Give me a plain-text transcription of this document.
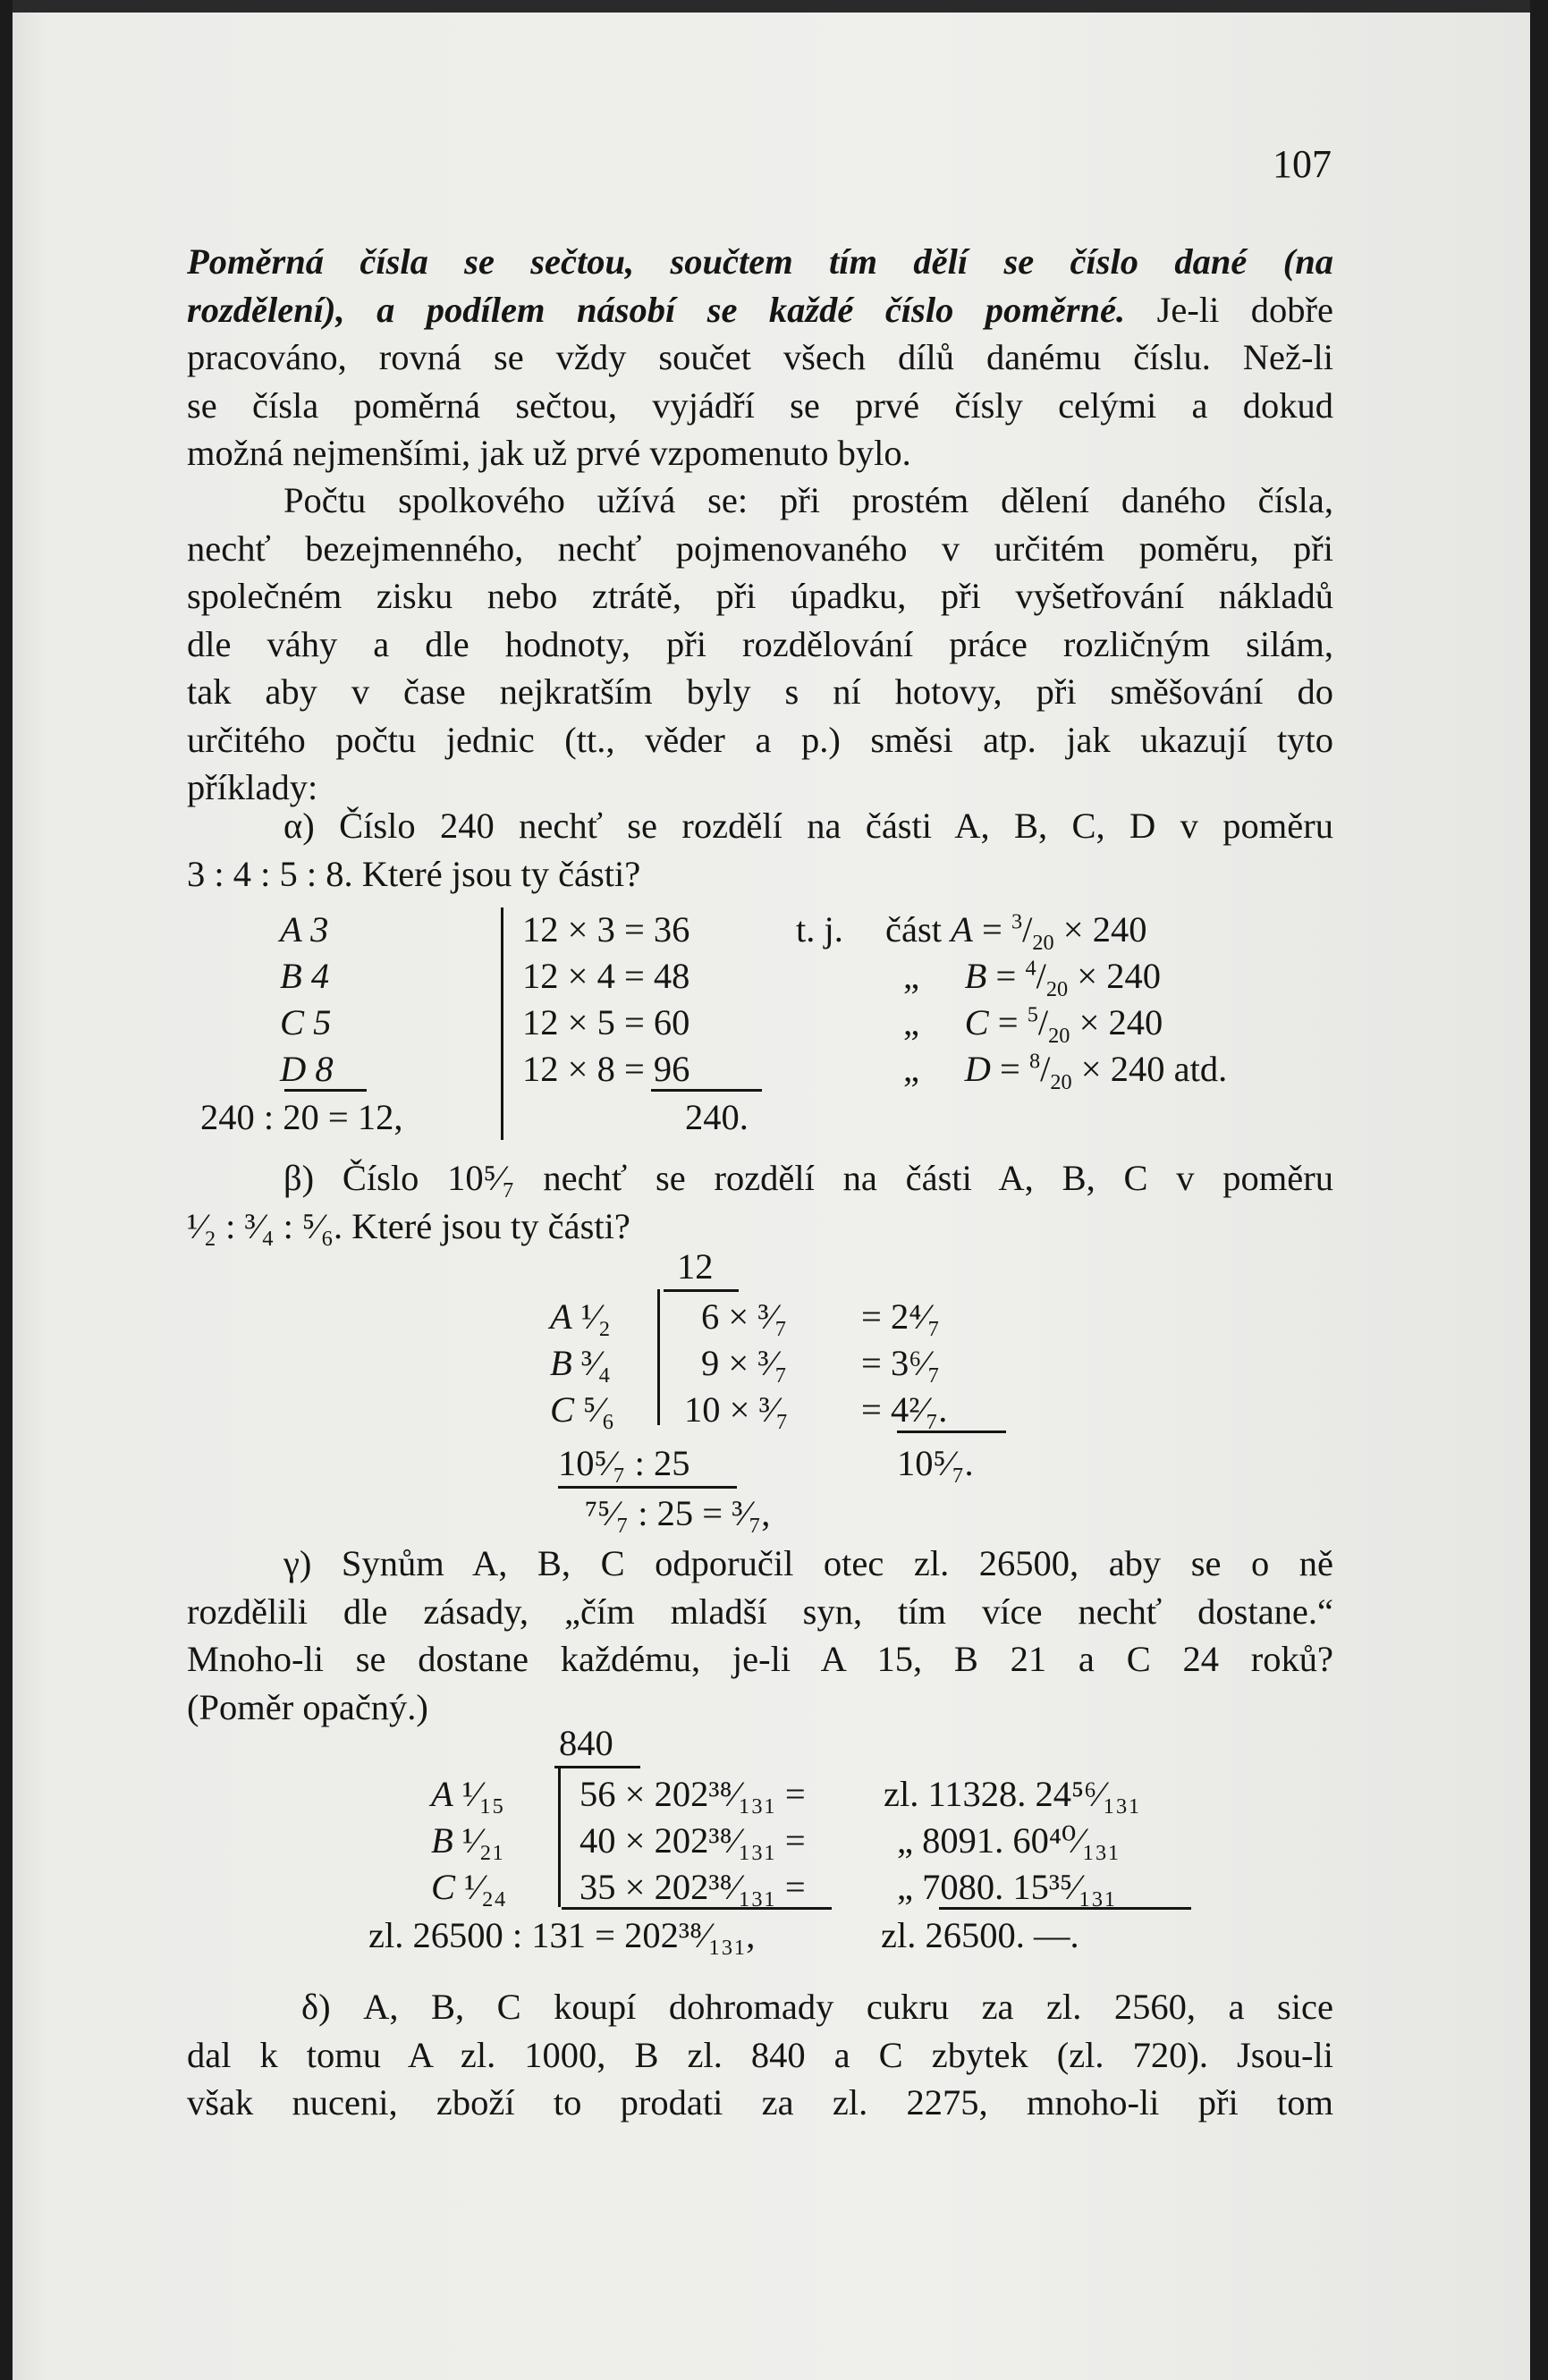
107
Poměrná čísla se sečtou, součtem tím dělí se číslo dané (na
rozdělení), a podílem násobí se každé číslo poměrné. Je-li dobře
pracováno, rovná se vždy součet všech dílů danému číslu. Než-li
se čísla poměrná sečtou, vyjádří se prvé čísly celými a dokud
možná nejmenšími, jak už prvé vzpomenuto bylo.
Počtu spolkového užívá se: při prostém dělení daného čísla,
nechť bezejmenného, nechť pojmenovaného v určitém poměru, při
společném zisku nebo ztrátě, při úpadku, při vyšetřování nákladů
dle váhy a dle hodnoty, při rozdělování práce rozličným silám,
tak aby v čase nejkratším byly s ní hotovy, při směšování do
určitého počtu jednic (tt., věder a p.) směsi atp. jak ukazují tyto
příklady:
α) Číslo 240 nechť se rozdělí na části A, B, C, D v poměru
3 : 4 : 5 : 8. Které jsou ty části?
A 3
B 4
C 5
D 8
240 : 20 = 12,
12 × 3 = 36
12 × 4 = 48
12 × 5 = 60
12 × 8 = 96
240.
t. j. část $A = ^3/_{20} \times 240$
„ $B = ^4/_{20} \times 240$
„ $C = ^5/_{20} \times 240$
„ $D = ^8/_{20} \times 240$ atd.
β) Číslo 10⁵⁄₇ nechť se rozdělí na části A, B, C v poměru
¹⁄₂ : ³⁄₄ : ⁵⁄₆. Které jsou ty části?
12
A ¹⁄₂
B ³⁄₄
C ⁵⁄₆
6 × ³⁄₇
9 × ³⁄₇
10 × ³⁄₇
= 2⁴⁄₇
= 3⁶⁄₇
= 4²⁄₇.
10⁵⁄₇ : 25	10⁵⁄₇.
⁷⁵⁄₇ : 25 = ³⁄₇,
γ) Synům A, B, C odporučil otec zl. 26500, aby se o ně
rozdělili dle zásady, „čím mladší syn, tím více nechť dostane.“
Mnoho-li se dostane každému, je-li A 15, B 21 a C 24 roků?
(Poměr opačný.)
840
A ¹⁄₁₅
B ¹⁄₂₁
C ¹⁄₂₄
56 × 202³⁸⁄₁₃₁ =
40 × 202³⁸⁄₁₃₁ =
35 × 202³⁸⁄₁₃₁ =
zl. 11328. 24⁵⁶⁄₁₃₁
„ 8091. 60⁴⁰⁄₁₃₁
„ 7080. 15³⁵⁄₁₃₁
zl. 26500 : 131 = 202³⁸⁄₁₃₁,	zl. 26500. —.
δ) A, B, C koupí dohromady cukru za zl. 2560, a sice
dal k tomu A zl. 1000, B zl. 840 a C zbytek (zl. 720). Jsou-li
však nuceni, zboží to prodati za zl. 2275, mnoho-li při tom
